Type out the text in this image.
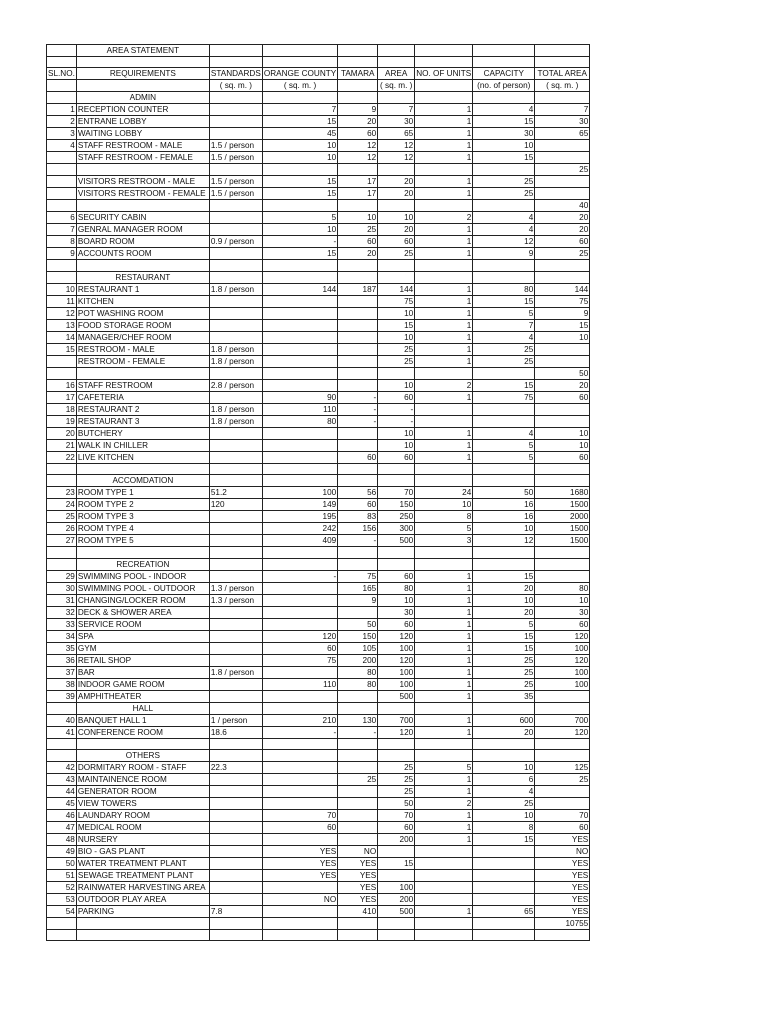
	AREA STATEMENT							

SL.NO.	REQUIREMENTS	STANDARDS	ORANGE COUNTY	TAMARA	AREA	NO. OF UNITS	CAPACITY	TOTAL AREA
		( sq. m. )	( sq. m. )		( sq. m. )		(no. of person)	( sq. m. )
	ADMIN							
1	RECEPTION COUNTER		7	9	7	1	4	7
2	ENTRANE LOBBY		15	20	30	1	15	30
3	WAITING LOBBY		45	60	65	1	30	65
4	STAFF RESTROOM - MALE	1.5 / person	10	12	12	1	10	
	STAFF RESTROOM - FEMALE	1.5 / person	10	12	12	1	15	
								25
	VISITORS RESTROOM - MALE	1.5 / person	15	17	20	1	25	
	VISITORS RESTROOM - FEMALE	1.5 / person	15	17	20	1	25	
								40
6	SECURITY CABIN		5	10	10	2	4	20
7	GENRAL MANAGER ROOM		10	25	20	1	4	20
8	BOARD ROOM	0.9 / person	-	60	60	1	12	60
9	ACCOUNTS ROOM		15	20	25	1	9	25

	RESTAURANT							
10	RESTAURANT 1	1.8 / person	144	187	144	1	80	144
11	KITCHEN				75	1	15	75
12	POT WASHING ROOM				10	1	5	9
13	FOOD STORAGE ROOM				15	1	7	15
14	MANAGER/CHEF ROOM				10	1	4	10
15	RESTROOM - MALE	1.8 / person			25	1	25	
	RESTROOM - FEMALE	1.8 / person			25	1	25	
								50
16	STAFF RESTROOM	2.8 / person			10	2	15	20
17	CAFETERIA		90	-	60	1	75	60
18	RESTAURANT 2	1.8 / person	110	-	-			
19	RESTAURANT 3	1.8 / person	80	-	-			
20	BUTCHERY				10	1	4	10
21	WALK IN CHILLER				10	1	5	10
22	LIVE KITCHEN			60	60	1	5	60

	ACCOMDATION							
23	ROOM TYPE 1	51.2	100	56	70	24	50	1680
24	ROOM TYPE 2	120	149	60	150	10	16	1500
25	ROOM TYPE 3		195	83	250	8	16	2000
26	ROOM TYPE 4		242	156	300	5	10	1500
27	ROOM TYPE 5		409	-	500	3	12	1500

	RECREATION							
29	SWIMMING POOL - INDOOR		-	75	60	1	15	
30	SWIMMING POOL - OUTDOOR	1.3 / person		165	80	1	20	80
31	CHANGING/LOCKER ROOM	1.3 / person		9	10	1	10	10
32	DECK & SHOWER AREA				30	1	20	30
33	SERVICE ROOM			50	60	1	5	60
34	SPA		120	150	120	1	15	120
35	GYM		60	105	100	1	15	100
36	RETAIL SHOP		75	200	120	1	25	120
37	BAR	1.8 / person		80	100	1	25	100
38	INDOOR GAME ROOM		110	80	100	1	25	100
39	AMPHITHEATER				500	1	35	
	HALL							
40	BANQUET HALL 1	1 / person	210	130	700	1	600	700
41	CONFERENCE ROOM	18.6	-	-	120	1	20	120

	OTHERS							
42	DORMITARY ROOM - STAFF	22.3			25	5	10	125
43	MAINTAINENCE ROOM			25	25	1	6	25
44	GENERATOR ROOM				25	1	4	
45	VIEW TOWERS				50	2	25	
46	LAUNDARY ROOM		70		70	1	10	70
47	MEDICAL ROOM		60		60	1	8	60
48	NURSERY				200	1	15	YES
49	BIO - GAS PLANT		YES	NO				NO
50	WATER TREATMENT PLANT		YES	YES	15			YES
51	SEWAGE TREATMENT PLANT		YES	YES				YES
52	RAINWATER HARVESTING AREA			YES	100			YES
53	OUTDOOR PLAY AREA		NO	YES	200			YES
54	PARKING	7.8		410	500	1	65	YES
								10755
